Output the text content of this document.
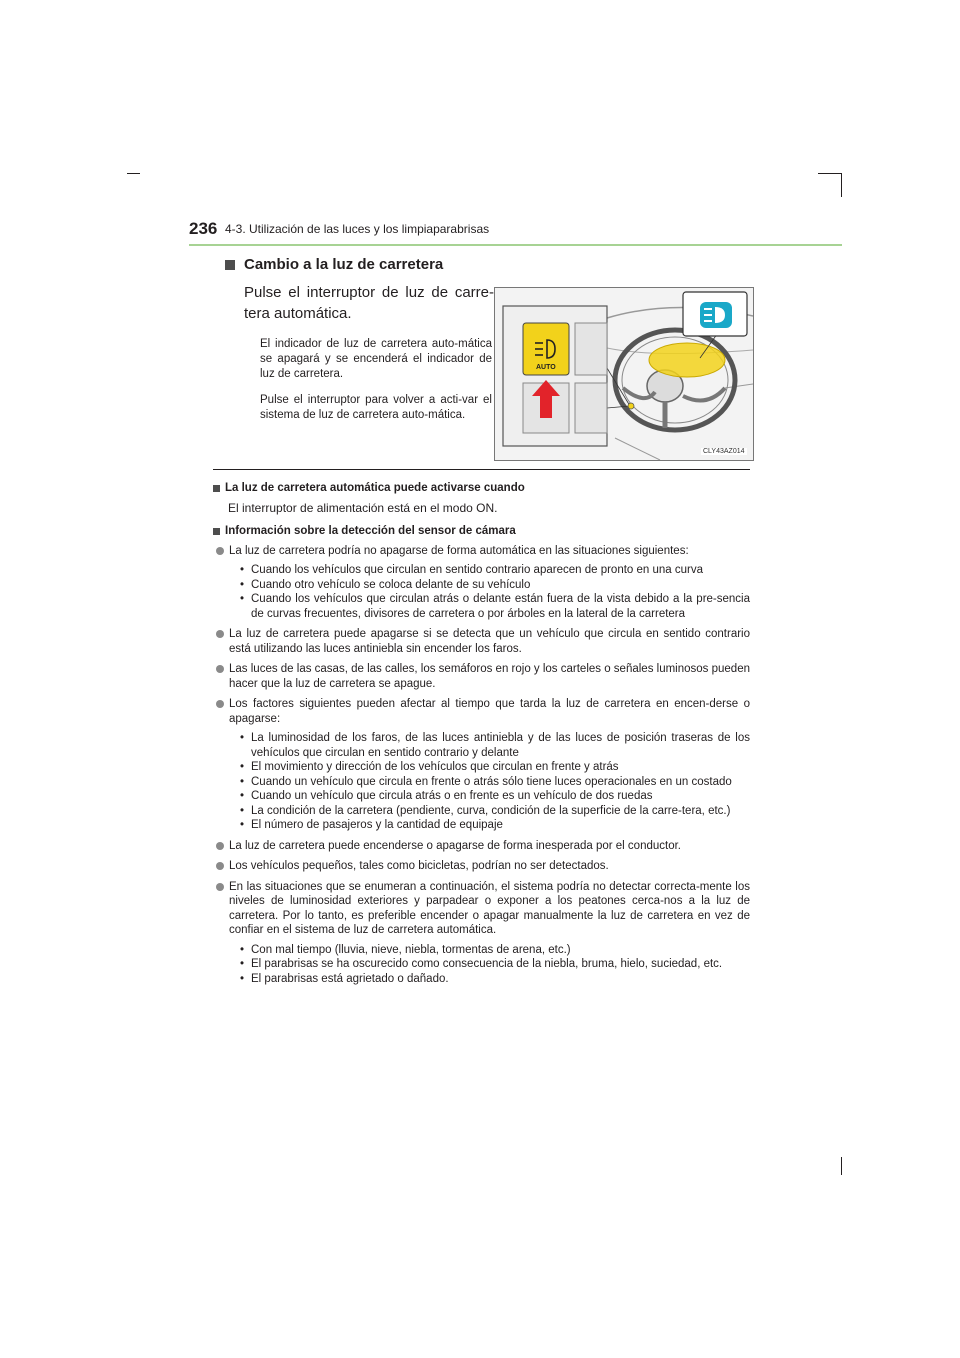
236 4-3. Utilización de las luces y los limpiaparabrisas
Cambio a la luz de carretera
Pulse el interruptor de luz de carre-tera automática.
El indicador de luz de carretera auto-mática se apagará y se encenderá el indicador de luz de carretera.
Pulse el interruptor para volver a acti-var el sistema de luz de carretera auto-mática.
AUTO
CLY43AZ014
La luz de carretera automática puede activarse cuando
El interruptor de alimentación está en el modo ON.
Información sobre la detección del sensor de cámara
La luz de carretera podría no apagarse de forma automática en las situaciones siguientes:
• Cuando los vehículos que circulan en sentido contrario aparecen de pronto en una curva
• Cuando otro vehículo se coloca delante de su vehículo
• Cuando los vehículos que circulan atrás o delante están fuera de la vista debido a la pre-sencia de curvas frecuentes, divisores de carretera o por árboles en la lateral de la carretera
La luz de carretera puede apagarse si se detecta que un vehículo que circula en sentido contrario está utilizando las luces antiniebla sin encender los faros.
Las luces de las casas, de las calles, los semáforos en rojo y los carteles o señales luminosos pueden hacer que la luz de carretera se apague.
Los factores siguientes pueden afectar al tiempo que tarda la luz de carretera en encen-derse o apagarse:
• La luminosidad de los faros, de las luces antiniebla y de las luces de posición traseras de los vehículos que circulan en sentido contrario y delante
• El movimiento y dirección de los vehículos que circulan en frente y atrás
• Cuando un vehículo que circula en frente o atrás sólo tiene luces operacionales en un costado
• Cuando un vehículo que circula atrás o en frente es un vehículo de dos ruedas
• La condición de la carretera (pendiente, curva, condición de la superficie de la carre-tera, etc.)
• El número de pasajeros y la cantidad de equipaje
La luz de carretera puede encenderse o apagarse de forma inesperada por el conductor.
Los vehículos pequeños, tales como bicicletas, podrían no ser detectados.
En las situaciones que se enumeran a continuación, el sistema podría no detectar correcta-mente los niveles de luminosidad exteriores y parpadear o exponer a los peatones cerca-nos a la luz de carretera. Por lo tanto, es preferible encender o apagar manualmente la luz de carretera en vez de confiar en el sistema de luz de carretera automática.
• Con mal tiempo (lluvia, nieve, niebla, tormentas de arena, etc.)
• El parabrisas se ha oscurecido como consecuencia de la niebla, bruma, hielo, suciedad, etc.
• El parabrisas está agrietado o dañado.
